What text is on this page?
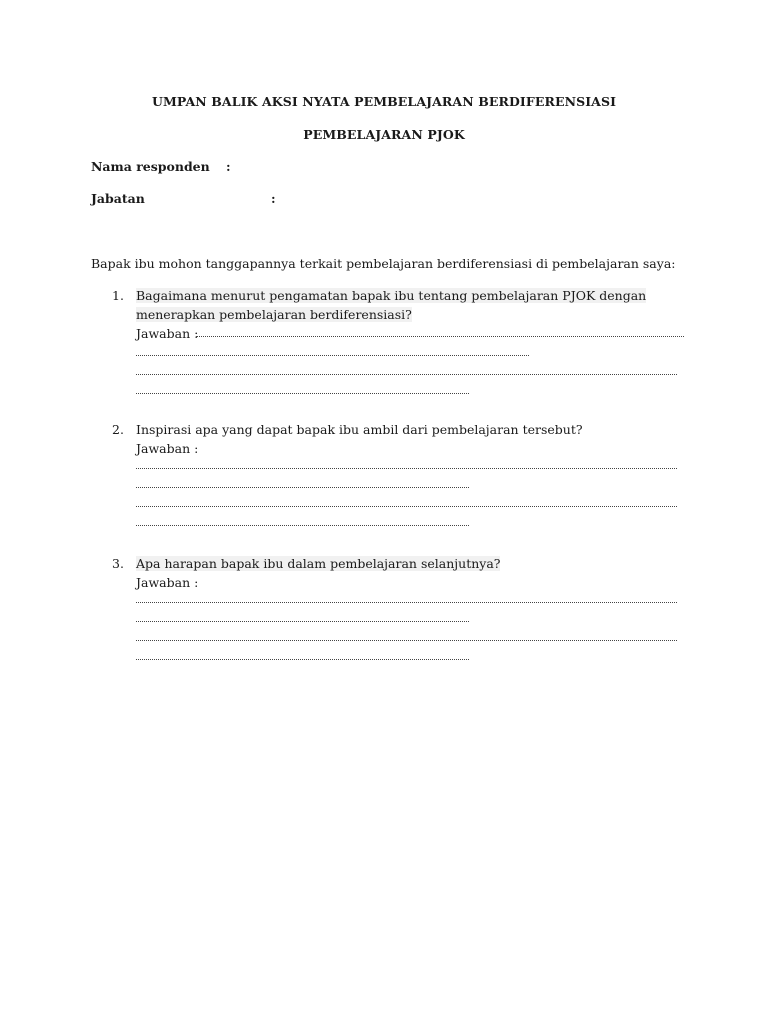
UMPAN BALIK AKSI NYATA PEMBELAJARAN BERDIFERENSIASI
PEMBELAJARAN PJOK
Nama responden :
Jabatan	:
Bapak ibu mohon tanggapannya terkait pembelajaran berdiferensiasi di pembelajaran saya:
1. Bagaimana menurut pengamatan bapak ibu tentang pembelajaran PJOK dengan
menerapkan pembelajaran berdiferensiasi?
Jawaban :
2. Inspirasi apa yang dapat bapak ibu ambil dari pembelajaran tersebut?
Jawaban :
3. Apa harapan bapak ibu dalam pembelajaran selanjutnya?
Jawaban :
